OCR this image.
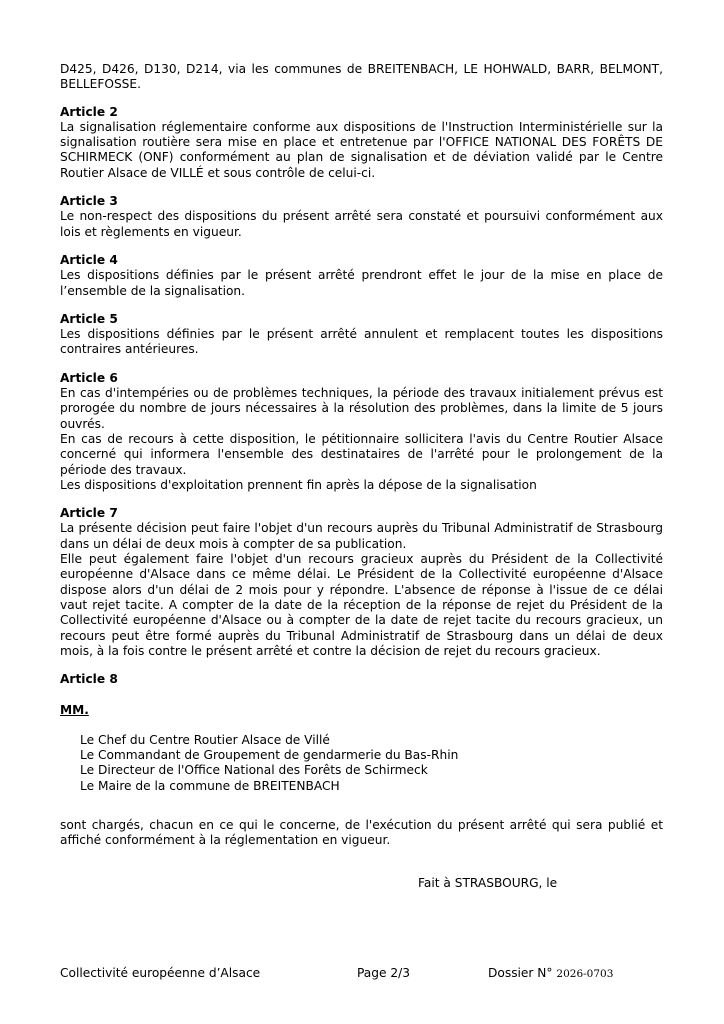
D425, D426, D130, D214, via les communes de BREITENBACH, LE HOHWALD, BARR, BELMONT, BELLEFOSSE.

Article 2

La signalisation réglementaire conforme aux dispositions de l'Instruction Interministérielle sur la signalisation routière sera mise en place et entretenue par l'OFFICE NATIONAL DES FORÊTS DE SCHIRMECK (ONF) conformément au plan de signalisation et de déviation validé par le Centre Routier Alsace de VILLÉ et sous contrôle de celui-ci.

Article 3

Le non-respect des dispositions du présent arrêté sera constaté et poursuivi conformément aux lois et règlements en vigueur.

Article 4

Les dispositions définies par le présent arrêté prendront effet le jour de la mise en place de l’ensemble de la signalisation.

Article 5

Les dispositions définies par le présent arrêté annulent et remplacent toutes les dispositions contraires antérieures.

Article 6

En cas d'intempéries ou de problèmes techniques, la période des travaux initialement prévus est prorogée du nombre de jours nécessaires à la résolution des problèmes, dans la limite de 5 jours ouvrés.

En cas de recours à cette disposition, le pétitionnaire sollicitera l'avis du Centre Routier Alsace concerné qui informera l'ensemble des destinataires de l'arrêté pour le prolongement de la période des travaux.

Les dispositions d'exploitation prennent fin après la dépose de la signalisation

Article 7

La présente décision peut faire l'objet d'un recours auprès du Tribunal Administratif de Strasbourg dans un délai de deux mois à compter de sa publication.

Elle peut également faire l'objet d'un recours gracieux auprès du Président de la Collectivité européenne d'Alsace dans ce même délai. Le Président de la Collectivité européenne d'Alsace dispose alors d'un délai de 2 mois pour y répondre. L'absence de réponse à l'issue de ce délai vaut rejet tacite. A compter de la date de la réception de la réponse de rejet du Président de la Collectivité européenne d'Alsace ou à compter de la date de rejet tacite du recours gracieux, un recours peut être formé auprès du Tribunal Administratif de Strasbourg dans un délai de deux mois, à la fois contre le présent arrêté et contre la décision de rejet du recours gracieux.

Article 8

MM.

Le Chef du Centre Routier Alsace de Villé
Le Commandant de Groupement de gendarmerie du Bas-Rhin
Le Directeur de l'Office National des Forêts de Schirmeck
Le Maire de la commune de BREITENBACH

sont chargés, chacun en ce qui le concerne, de l'exécution du présent arrêté qui sera publié et affiché conformément à la réglementation en vigueur.

Fait à STRASBOURG, le
Collectivité européenne d’Alsace	Page 2/3	Dossier N° 2026-0703
